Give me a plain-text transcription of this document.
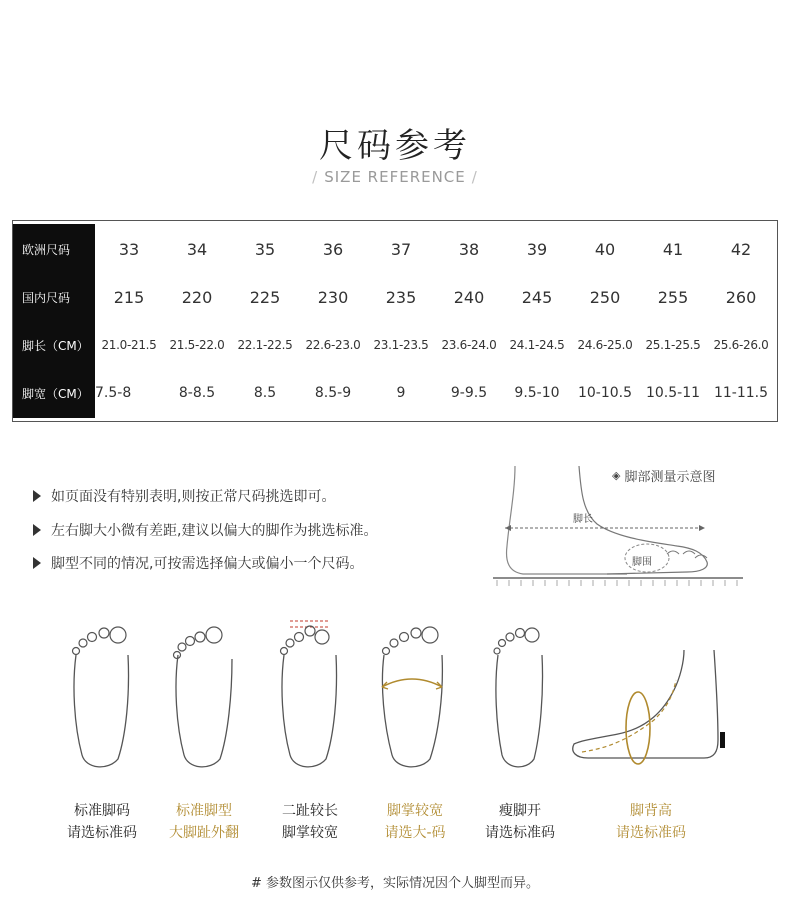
尺码参考
/ SIZE REFERENCE /
欧洲尺码	33	34	35	36	37	38	39	40	41	42
国内尺码	215	220	225	230	235	240	245	250	255	260
脚长（CM）	21.0-21.5	21.5-22.0	22.1-22.5	22.6-23.0	23.1-23.5	23.6-24.0	24.1-24.5	24.6-25.0	25.1-25.5	25.6-26.0
脚宽（CM） 7.5-8	8-8.5	8.5	8.5-9	9	9-9.5	9.5-10	10-10.5 10.5-11 11-11.5
如页面没有特别表明,则按正常尺码挑选即可。
左右脚大小微有差距,建议以偏大的脚作为挑选标准。
脚型不同的情况,可按需选择偏大或偏小一个尺码。
◈ 脚部测量示意图
脚长
脚围
标准脚码
请选标准码
标准脚型
大脚趾外翻
二趾较长
脚掌较宽
脚掌较宽
请选大-码
瘦脚开
请选标准码
脚背高
请选标准码
# 参数图示仅供参考，实际情况因个人脚型而异。
